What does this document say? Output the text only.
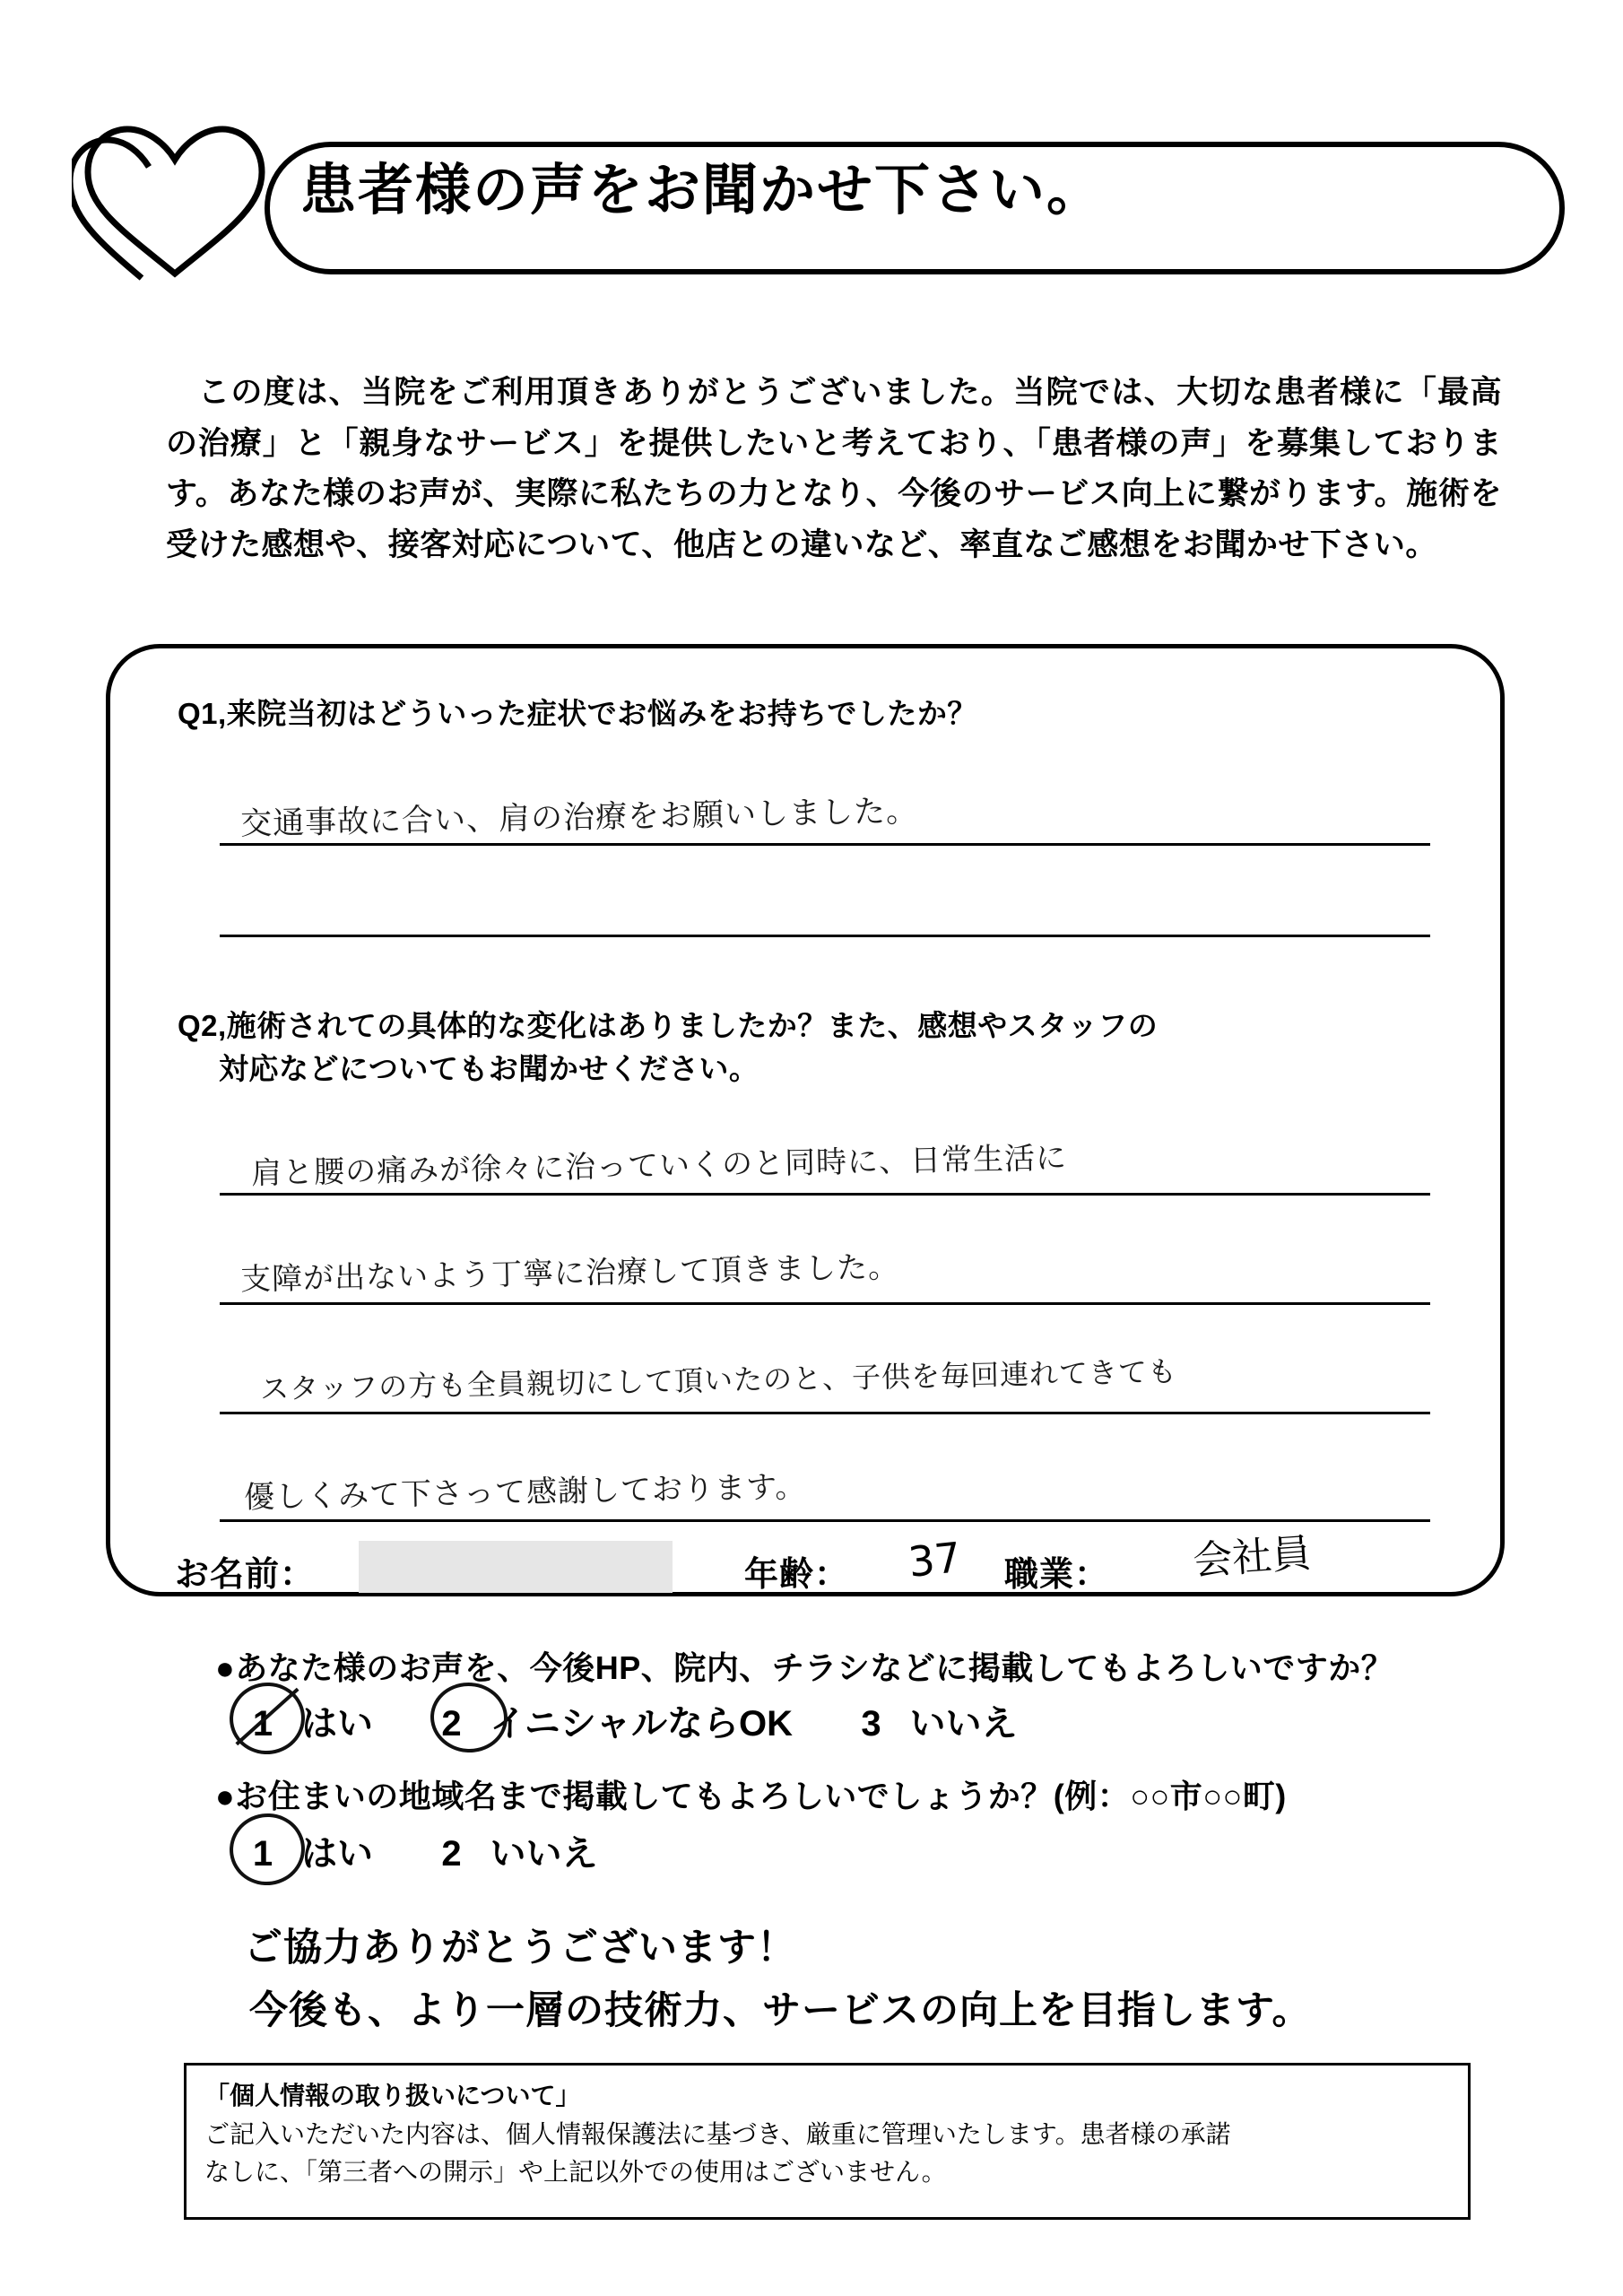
患者様の声をお聞かせ下さい。
この度は、当院をご利用頂きありがとうございました。当院では、大切な患者様に「最高の治療」と「親身なサービス」を提供したいと考えており、「患者様の声」を募集しております。あなた様のお声が、実際に私たちの力となり、今後のサービス向上に繋がります。施術を受けた感想や、接客対応について、他店との違いなど、率直なご感想をお聞かせ下さい。
Q1,来院当初はどういった症状でお悩みをお持ちでしたか？
交通事故に合い、肩の治療をお願いしました。
Q2,施術されての具体的な変化はありましたか？また、感想やスタッフの
対応などについてもお聞かせください。
肩と腰の痛みが徐々に治っていくのと同時に、日常生活に
支障が出ないよう丁寧に治療して頂きました。
スタッフの方も全員親切にして頂いたのと、子供を毎回連れてきても
優しくみて下さって感謝しております。
お名前：	年齢： 37 職業： 会社員
●あなた様のお声を、今後HP、院内、チラシなどに掲載してもよろしいですか？
1 はい 2 イニシャルならOK 3 いいえ
●お住まいの地域名まで掲載してもよろしいでしょうか？(例：○○市○○町)
1 はい 2 いいえ
ご協力ありがとうございます！
今後も、より一層の技術力、サービスの向上を目指します。
「個人情報の取り扱いについて」
ご記入いただいた内容は、個人情報保護法に基づき、厳重に管理いたします。患者様の承諾
なしに、「第三者への開示」や上記以外での使用はございません。
